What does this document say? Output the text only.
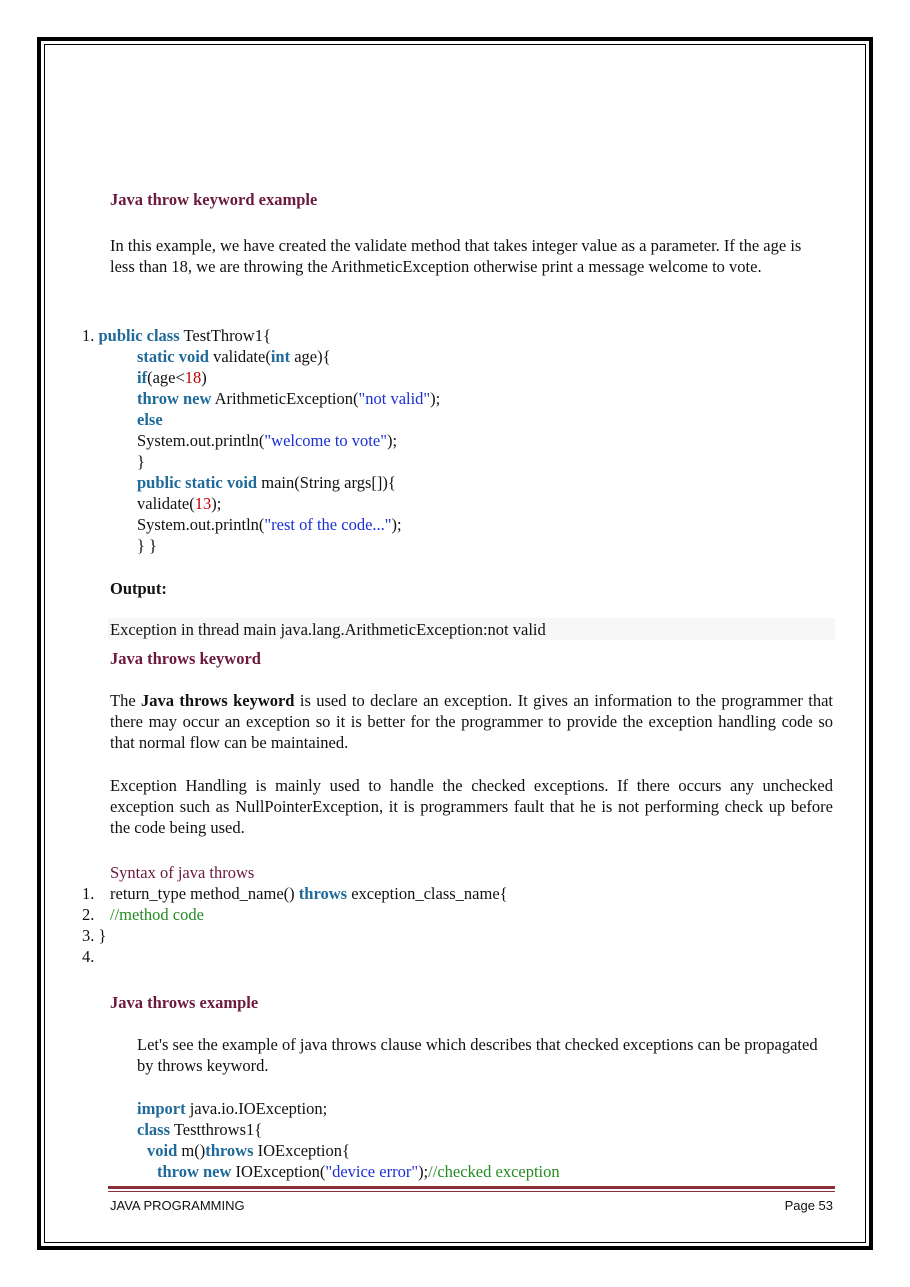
Java throw keyword example
In this example, we have created the validate method that takes integer value as a parameter. If the age is less than 18, we are throwing the ArithmeticException otherwise print a message welcome to vote.
1. public class TestThrow1{
static void validate(int age){
if(age<18)
throw new ArithmeticException("not valid");
else
System.out.println("welcome to vote");
}
public static void main(String args[]){
validate(13);
System.out.println("rest of the code...");
} }
Output:
Exception in thread main java.lang.ArithmeticException:not valid
Java throws keyword
The Java throws keyword is used to declare an exception. It gives an information to the programmer that there may occur an exception so it is better for the programmer to provide the exception handling code so that normal flow can be maintained.
Exception Handling is mainly used to handle the checked exceptions. If there occurs any unchecked exception such as NullPointerException, it is programmers fault that he is not performing check up before the code being used.
Syntax of java throws
1. return_type method_name() throws exception_class_name{
2. //method code
3. }
4.
Java throws example
Let's see the example of java throws clause which describes that checked exceptions can be propagated by throws keyword.
import java.io.IOException;
class Testthrows1{
void m()throws IOException{
throw new IOException("device error");//checked exception
JAVA PROGRAMMING	Page 53
